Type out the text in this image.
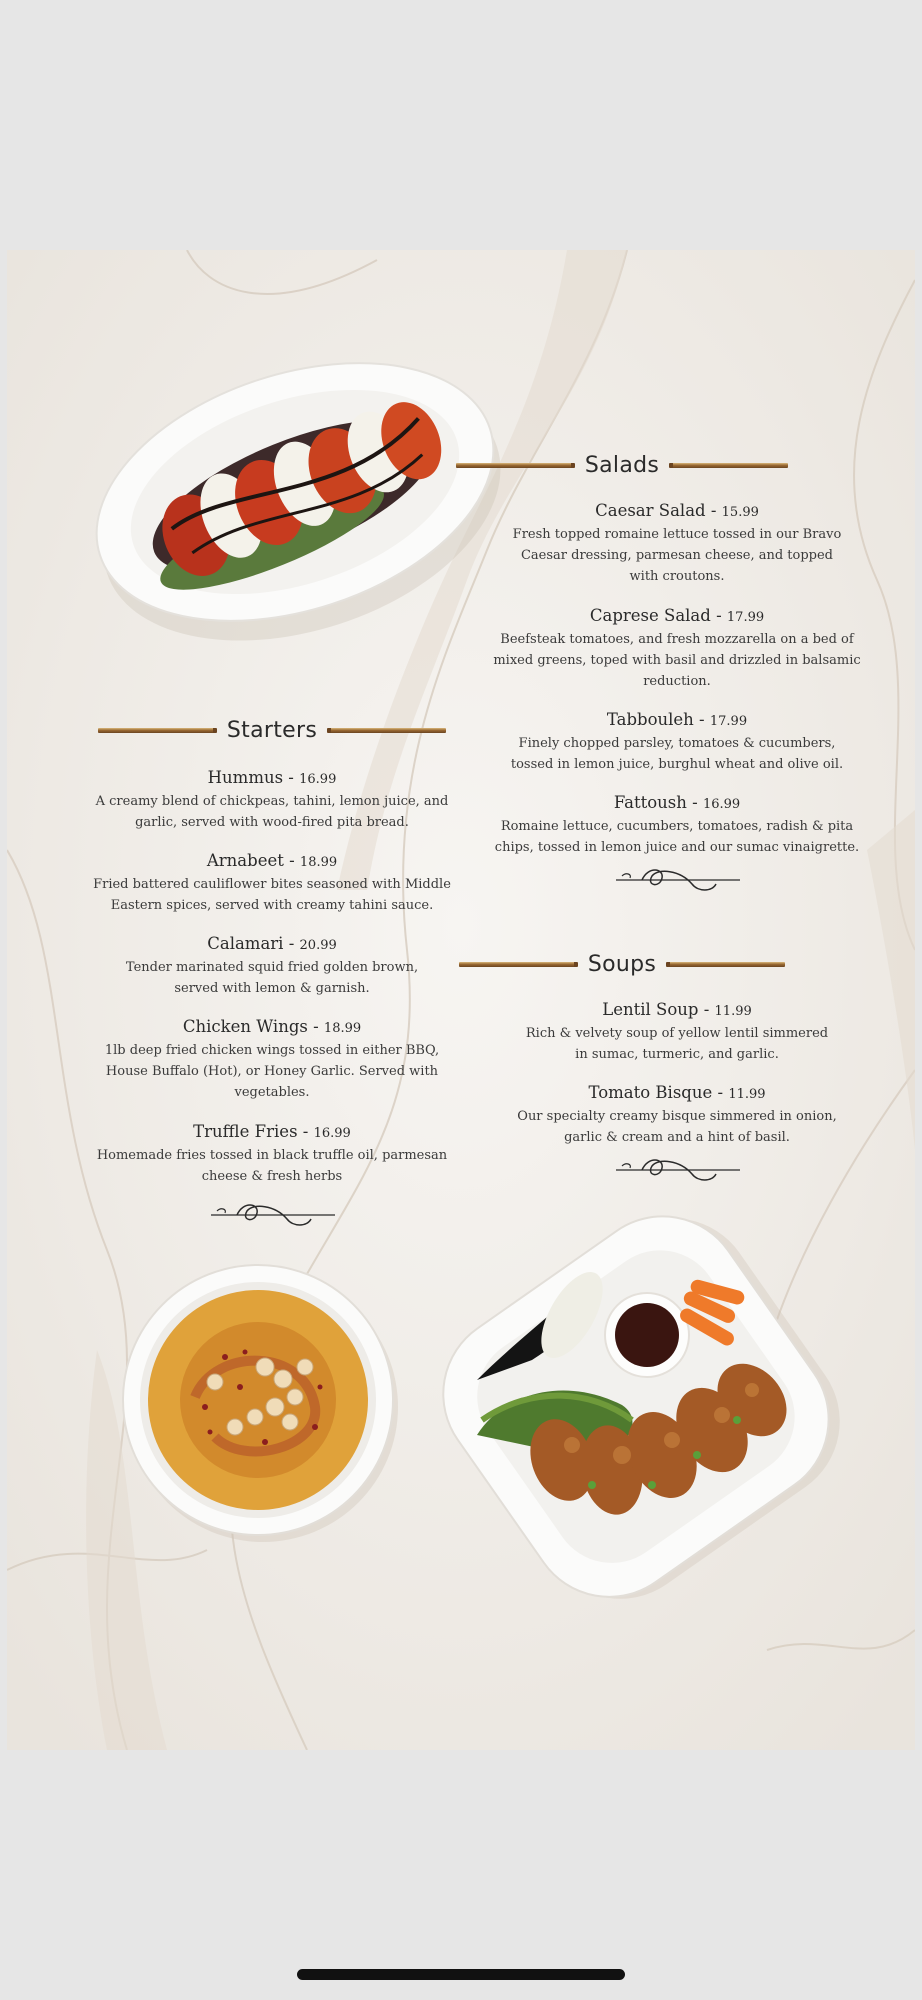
Salads
Caesar Salad - 15.99
Fresh topped romaine lettuce tossed in our Bravo
Caesar dressing, parmesan cheese, and topped
with croutons.
Caprese Salad - 17.99
Beefsteak tomatoes, and fresh mozzarella on a bed of
mixed greens, toped with basil and drizzled in balsamic
reduction.
Tabbouleh - 17.99
Finely chopped parsley, tomatoes & cucumbers,
tossed in lemon juice, burghul wheat and olive oil.
Fattoush - 16.99
Romaine lettuce, cucumbers, tomatoes, radish & pita
chips, tossed in lemon juice and our sumac vinaigrette.
Starters
Hummus - 16.99
A creamy blend of chickpeas, tahini, lemon juice, and
garlic, served with wood-fired pita bread.
Arnabeet - 18.99
Fried battered cauliflower bites seasoned with Middle
Eastern spices, served with creamy tahini sauce.
Calamari - 20.99
Tender marinated squid fried golden brown,
served with lemon & garnish.
Chicken Wings - 18.99
1lb deep fried chicken wings tossed in either BBQ,
House Buffalo (Hot), or Honey Garlic. Served with
vegetables.
Truffle Fries - 16.99
Homemade fries tossed in black truffle oil, parmesan
cheese & fresh herbs
Soups
Lentil Soup - 11.99
Rich & velvety soup of yellow lentil simmered
in sumac, turmeric, and garlic.
Tomato Bisque - 11.99
Our specialty creamy bisque simmered in onion,
garlic & cream and a hint of basil.
